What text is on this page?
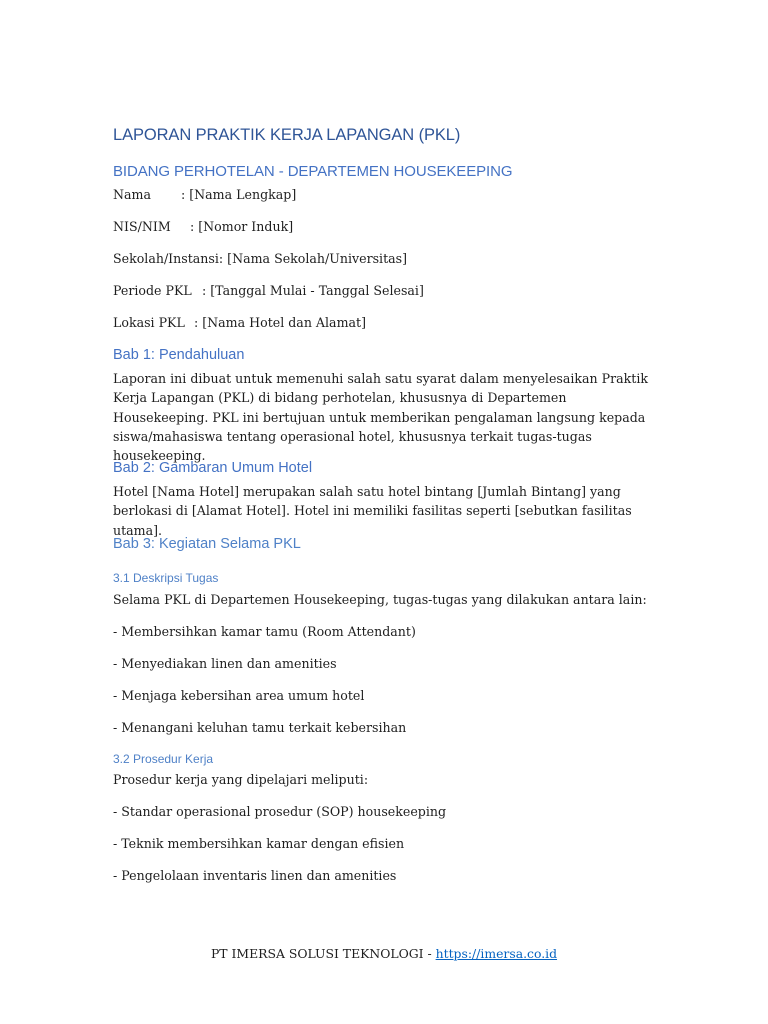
LAPORAN PRAKTIK KERJA LAPANGAN (PKL)
BIDANG PERHOTELAN - DEPARTEMEN HOUSEKEEPING
Nama : [Nama Lengkap]
NIS/NIM : [Nomor Induk]
Sekolah/Instansi: [Nama Sekolah/Universitas]
Periode PKL : [Tanggal Mulai - Tanggal Selesai]
Lokasi PKL : [Nama Hotel dan Alamat]
Bab 1: Pendahuluan
Laporan ini dibuat untuk memenuhi salah satu syarat dalam menyelesaikan Praktik Kerja Lapangan (PKL) di bidang perhotelan, khususnya di Departemen Housekeeping. PKL ini bertujuan untuk memberikan pengalaman langsung kepada siswa/mahasiswa tentang operasional hotel, khususnya terkait tugas-tugas housekeeping.
Bab 2: Gambaran Umum Hotel
Hotel [Nama Hotel] merupakan salah satu hotel bintang [Jumlah Bintang] yang berlokasi di [Alamat Hotel]. Hotel ini memiliki fasilitas seperti [sebutkan fasilitas utama].
Bab 3: Kegiatan Selama PKL
3.1 Deskripsi Tugas
Selama PKL di Departemen Housekeeping, tugas-tugas yang dilakukan antara lain:
- Membersihkan kamar tamu (Room Attendant)
- Menyediakan linen dan amenities
- Menjaga kebersihan area umum hotel
- Menangani keluhan tamu terkait kebersihan
3.2 Prosedur Kerja
Prosedur kerja yang dipelajari meliputi:
- Standar operasional prosedur (SOP) housekeeping
- Teknik membersihkan kamar dengan efisien
- Pengelolaan inventaris linen dan amenities
PT IMERSA SOLUSI TEKNOLOGI - https://imersa.co.id
